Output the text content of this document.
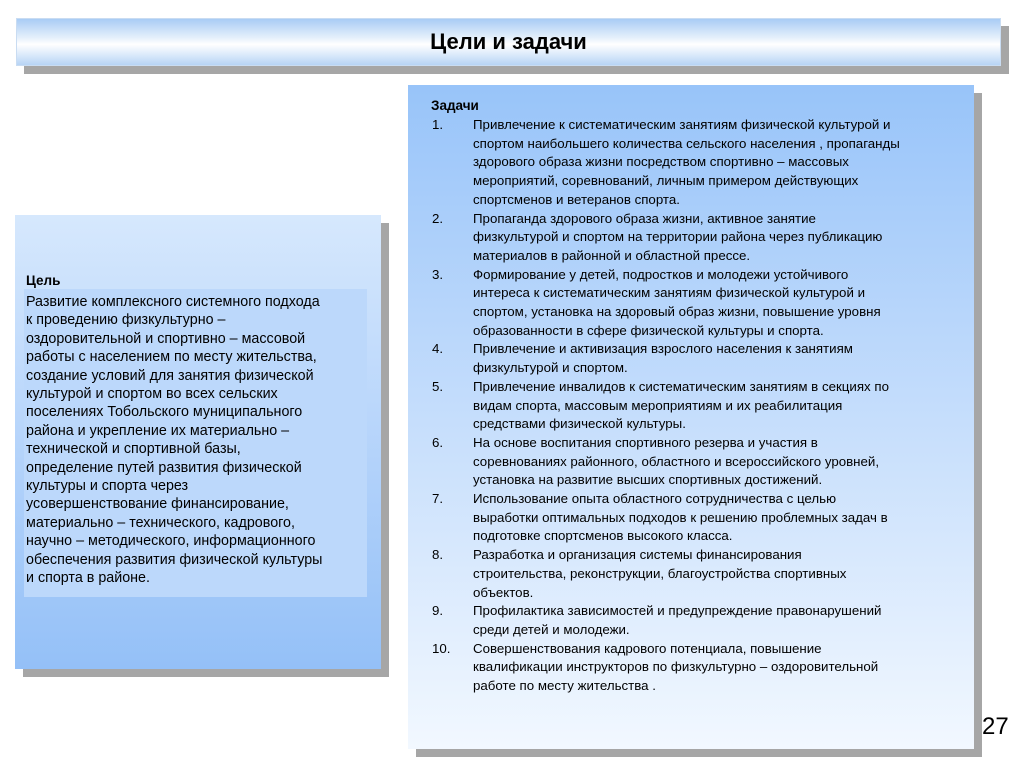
Цели и задачи
Цель
Развитие комплексного системного подхода
к проведению физкультурно –
оздоровительной и спортивно – массовой
работы с населением по месту жительства,
создание условий для занятия физической
культурой и спортом во всех сельских
поселениях Тобольского муниципального
района и укрепление их материально –
технической и спортивной базы,
определение путей развития физической
культуры и спорта через
усовершенствование финансирование,
материально – технического, кадрового,
научно – методического, информационного
обеспечения развития физической культуры
и спорта в районе.
Задачи
1.	Привлечение к систематическим занятиям физической культурой и
спортом наибольшего количества сельского населения , пропаганды
здорового образа жизни посредством спортивно – массовых
мероприятий, соревнований, личным примером действующих
спортсменов и ветеранов спорта.
2.	Пропаганда здорового образа жизни, активное занятие
физкультурой и спортом на территории района через публикацию
материалов в районной и областной прессе.
3.	Формирование у детей, подростков и молодежи устойчивого
интереса к систематическим занятиям физической культурой и
спортом, установка на здоровый образ жизни, повышение уровня
образованности в сфере физической культуры и спорта.
4.	Привлечение и активизация взрослого населения к занятиям
физкультурой и спортом.
5.	Привлечение инвалидов к систематическим занятиям в секциях по
видам спорта, массовым мероприятиям и их реабилитация
средствами физической культуры.
6.	На основе воспитания спортивного резерва и участия в
соревнованиях районного, областного и всероссийского уровней,
установка на развитие высших спортивных достижений.
7.	Использование опыта областного сотрудничества с целью
выработки оптимальных подходов к решению проблемных задач в
подготовке спортсменов высокого класса.
8.	Разработка и организация системы финансирования
строительства, реконструкции, благоустройства спортивных
объектов.
9.	Профилактика зависимостей и предупреждение правонарушений
среди детей и молодежи.
10.	Совершенствования кадрового потенциала, повышение
квалификации инструкторов по физкультурно – оздоровительной
работе по месту жительства .
27
